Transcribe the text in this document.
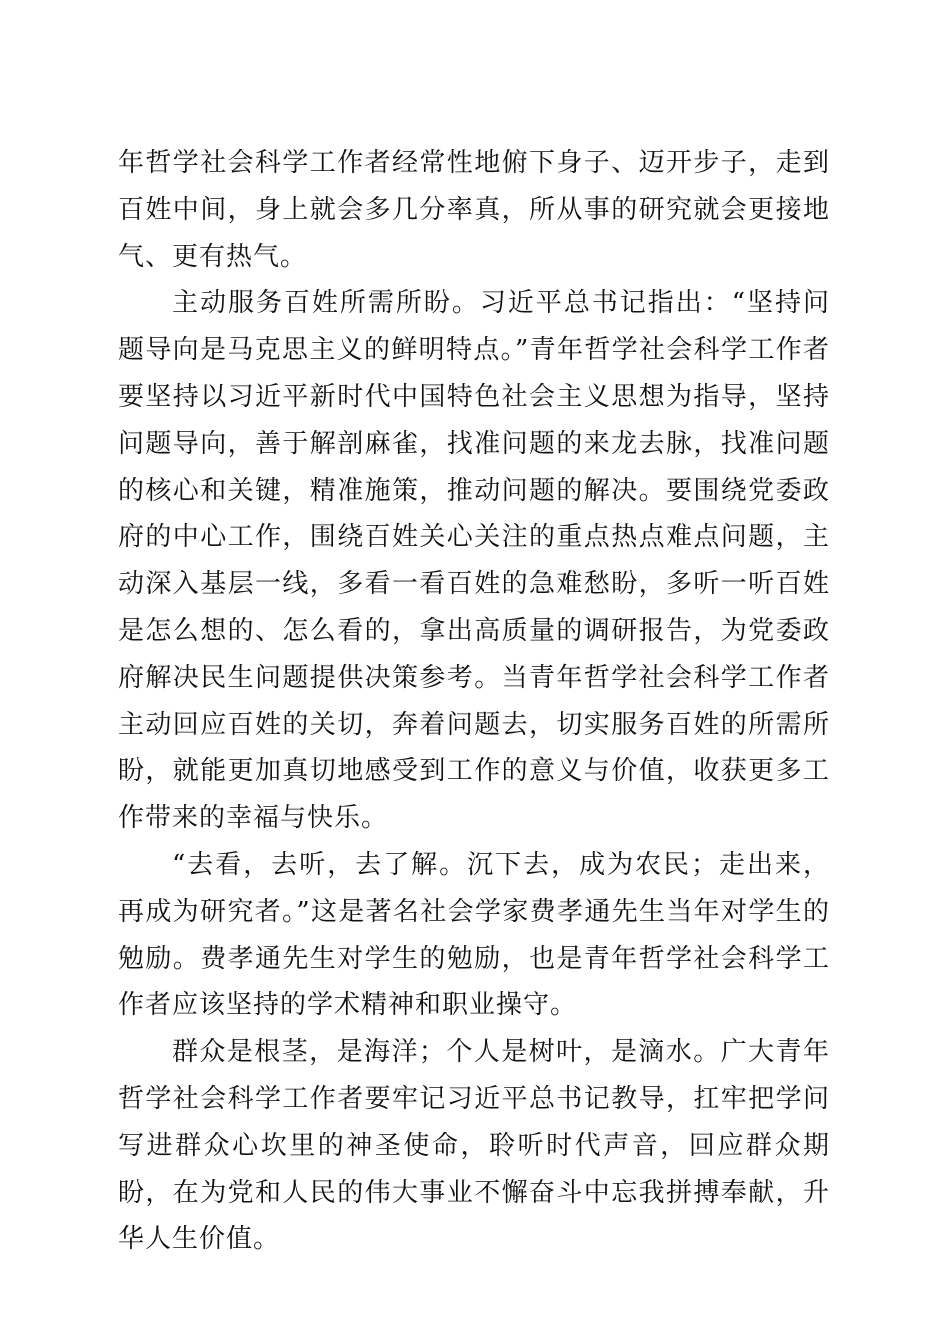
年哲学社会科学工作者经常性地俯下身子、迈开步子，走到百姓中间，身上就会多几分率真，所从事的研究就会更接地气、更有热气。

主动服务百姓所需所盼。习近平总书记指出：“坚持问题导向是马克思主义的鲜明特点。”青年哲学社会科学工作者要坚持以习近平新时代中国特色社会主义思想为指导，坚持问题导向，善于解剖麻雀，找准问题的来龙去脉，找准问题的核心和关键，精准施策，推动问题的解决。要围绕党委政府的中心工作，围绕百姓关心关注的重点热点难点问题，主动深入基层一线，多看一看百姓的急难愁盼，多听一听百姓是怎么想的、怎么看的，拿出高质量的调研报告，为党委政府解决民生问题提供决策参考。当青年哲学社会科学工作者主动回应百姓的关切，奔着问题去，切实服务百姓的所需所盼，就能更加真切地感受到工作的意义与价值，收获更多工作带来的幸福与快乐。

“去看，去听，去了解。沉下去，成为农民；走出来，再成为研究者。”这是著名社会学家费孝通先生当年对学生的勉励。费孝通先生对学生的勉励，也是青年哲学社会科学工作者应该坚持的学术精神和职业操守。

群众是根茎，是海洋；个人是树叶，是滴水。广大青年哲学社会科学工作者要牢记习近平总书记教导，扛牢把学问写进群众心坎里的神圣使命，聆听时代声音，回应群众期盼，在为党和人民的伟大事业不懈奋斗中忘我拼搏奉献，升华人生价值。
